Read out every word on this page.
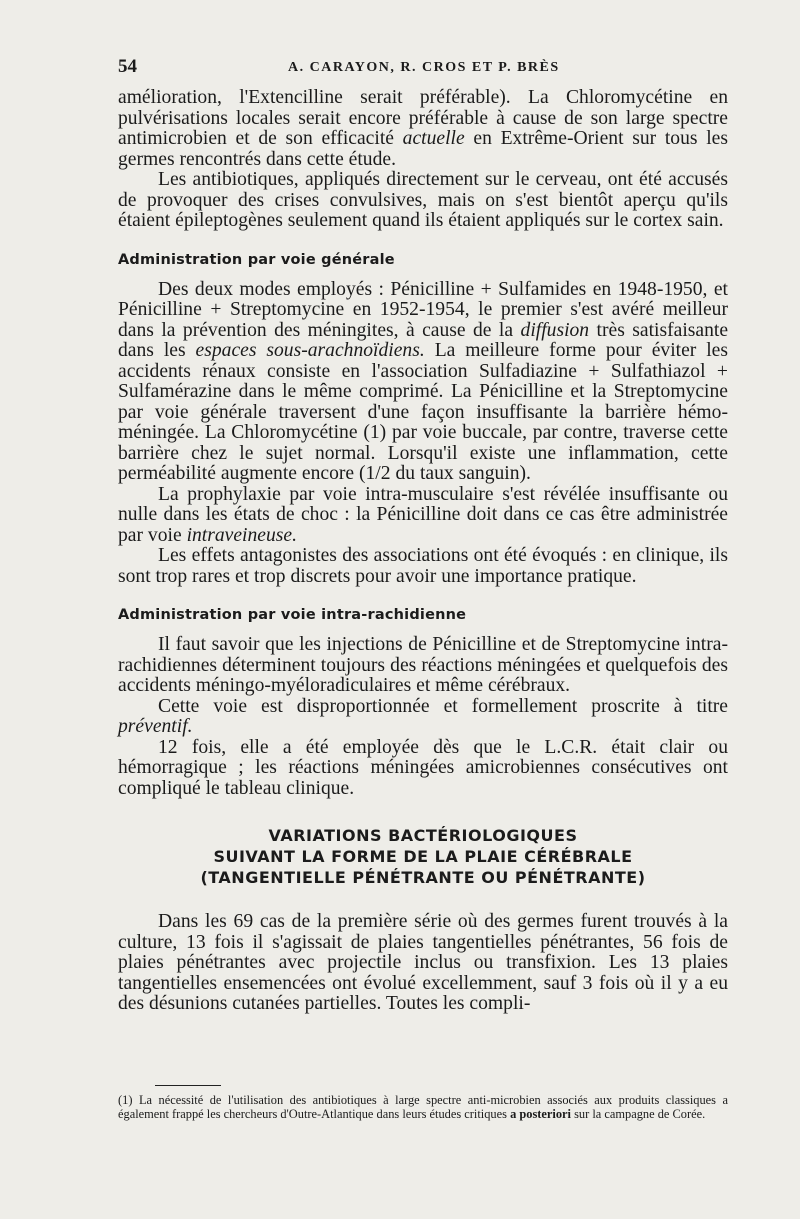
54	A. CARAYON, R. CROS ET P. BRÈS

amélioration, l'Extencilline serait préférable). La Chloromycétine en pulvérisations locales serait encore préférable à cause de son large spectre antimicrobien et de son efficacité actuelle en Extrême-Orient sur tous les germes rencontrés dans cette étude.

Les antibiotiques, appliqués directement sur le cerveau, ont été accusés de provoquer des crises convulsives, mais on s'est bientôt aperçu qu'ils étaient épileptogènes seulement quand ils étaient appliqués sur le cortex sain.

Administration par voie générale

Des deux modes employés : Pénicilline + Sulfamides en 1948-1950, et Pénicilline + Streptomycine en 1952-1954, le premier s'est avéré meilleur dans la prévention des méningites, à cause de la diffusion très satisfaisante dans les espaces sous-arachnoïdiens. La meilleure forme pour éviter les accidents rénaux consiste en l'association Sulfadiazine + Sulfathiazol + Sulfamérazine dans le même comprimé. La Pénicilline et la Streptomycine par voie générale traversent d'une façon insuffisante la barrière hémo-méningée. La Chloromycétine (1) par voie buccale, par contre, traverse cette barrière chez le sujet normal. Lorsqu'il existe une inflammation, cette perméabilité augmente encore (1/2 du taux sanguin).

La prophylaxie par voie intra-musculaire s'est révélée insuffisante ou nulle dans les états de choc : la Pénicilline doit dans ce cas être administrée par voie intraveineuse.

Les effets antagonistes des associations ont été évoqués : en clinique, ils sont trop rares et trop discrets pour avoir une importance pratique.

Administration par voie intra-rachidienne

Il faut savoir que les injections de Pénicilline et de Streptomycine intra-rachidiennes déterminent toujours des réactions méningées et quelquefois des accidents méningo-myéloradiculaires et même cérébraux.

Cette voie est disproportionnée et formellement proscrite à titre préventif.

12 fois, elle a été employée dès que le L.C.R. était clair ou hémorragique ; les réactions méningées amicrobiennes consécutives ont compliqué le tableau clinique.

VARIATIONS BACTÉRIOLOGIQUES
SUIVANT LA FORME DE LA PLAIE CÉRÉBRALE
(TANGENTIELLE PÉNÉTRANTE OU PÉNÉTRANTE)

Dans les 69 cas de la première série où des germes furent trouvés à la culture, 13 fois il s'agissait de plaies tangentielles pénétrantes, 56 fois de plaies pénétrantes avec projectile inclus ou transfixion. Les 13 plaies tangentielles ensemencées ont évolué excellemment, sauf 3 fois où il y a eu des désunions cutanées partielles. Toutes les compli-

(1) La nécessité de l'utilisation des antibiotiques à large spectre anti-microbien associés aux produits classiques a également frappé les chercheurs d'Outre-Atlantique dans leurs études critiques a posteriori sur la campagne de Corée.
